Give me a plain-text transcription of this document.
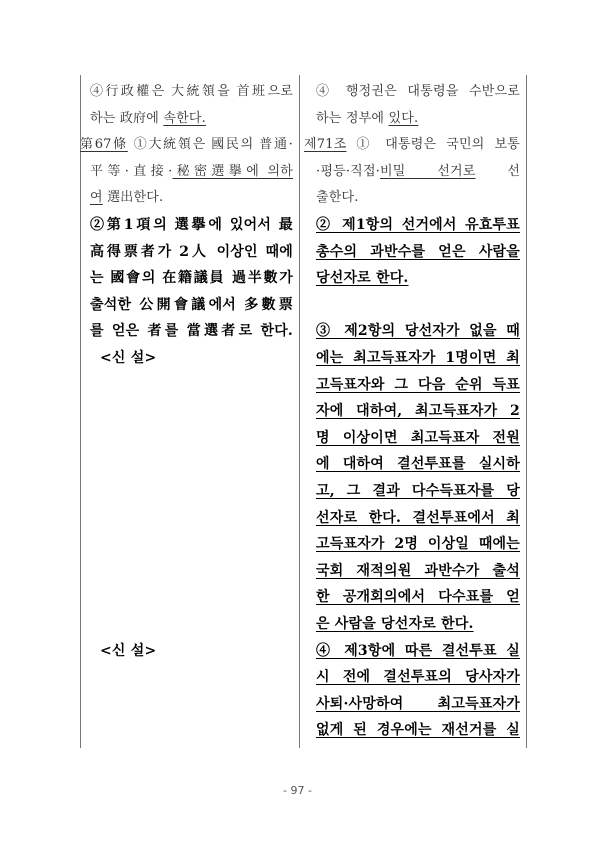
④行政權은 大統領을 首班으로
하는 政府에 속한다.
第67條 ①大統領은 國民의 普通·
平等·直接·秘密選擧에 의하
여 選出한다.
②第1項의 選擧에 있어서 最
高得票者가 2人 이상인 때에
는 國會의 在籍議員 過半數가
출석한 公開會議에서 多數票
를 얻은 者를 當選者로 한다.
<신 설>
<신 설>
④ 행정권은 대통령을 수반으로
하는 정부에 있다.
제71조 ① 대통령은 국민의 보통
·평등·직접·비밀 선거로 선
출한다.
② 제1항의 선거에서 유효투표
총수의 과반수를 얻은 사람을
당선자로 한다.
③ 제2항의 당선자가 없을 때
에는 최고득표자가 1명이면 최
고득표자와 그 다음 순위 득표
자에 대하여, 최고득표자가 2
명 이상이면 최고득표자 전원
에 대하여 결선투표를 실시하
고, 그 결과 다수득표자를 당
선자로 한다. 결선투표에서 최
고득표자가 2명 이상일 때에는
국회 재적의원 과반수가 출석
한 공개회의에서 다수표를 얻
은 사람을 당선자로 한다.
④ 제3항에 따른 결선투표 실
시 전에 결선투표의 당사자가
사퇴·사망하여 최고득표자가
없게 된 경우에는 재선거를 실
- 97 -
